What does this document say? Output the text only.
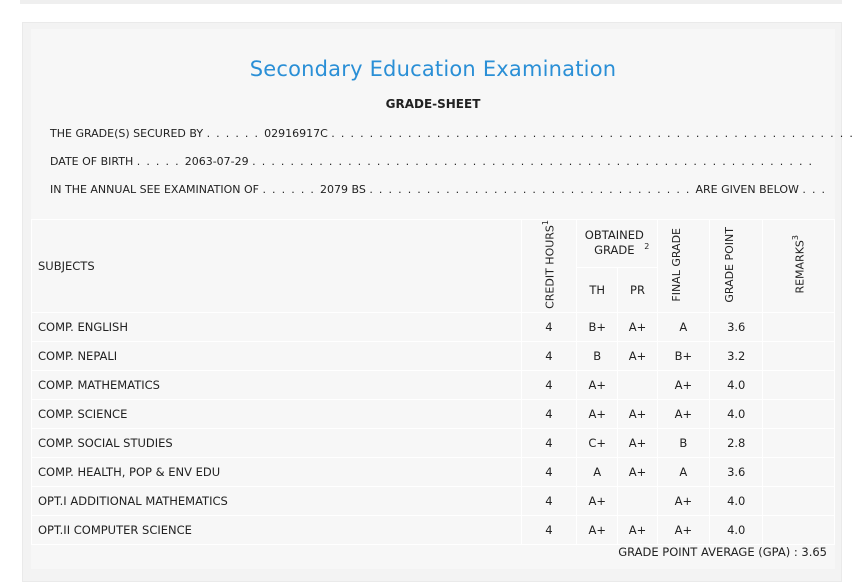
Secondary Education Examination
GRADE-SHEET
THE GRADE(S) SECURED BY . . . . . . 02916917C . . . . . . . . . . . . . . . . . . . . . . . . . . . . . . . . . . . . . . . . . . . . . . . . . . . . . . .
DATE OF BIRTH . . . . . 2063-07-29 . . . . . . . . . . . . . . . . . . . . . . . . . . . . . . . . . . . . . . . . . . . . . . . . . . . . . . . . . . .
IN THE ANNUAL SEE EXAMINATION OF . . . . . . 2079 BS . . . . . . . . . . . . . . . . . . . . . . . . . . . . . . . . . . ARE GIVEN BELOW . . .
SUBJECTS	CREDIT HOURS$^1$	OBTAINED GRADE $^2$		FINAL GRADE	GRADE POINT	REMARKS$^3$
		TH	PR			
COMP. ENGLISH	4	B+	A+	A	3.6	
COMP. NEPALI	4	B	A+	B+	3.2	
COMP. MATHEMATICS	4	A+		A+	4.0	
COMP. SCIENCE	4	A+	A+	A+	4.0	
COMP. SOCIAL STUDIES	4	C+	A+	B	2.8	
COMP. HEALTH, POP & ENV EDU	4	A	A+	A	3.6	
OPT.I ADDITIONAL MATHEMATICS	4	A+		A+	4.0	
OPT.II COMPUTER SCIENCE	4	A+	A+	A+	4.0	
GRADE POINT AVERAGE (GPA) : 3.65
